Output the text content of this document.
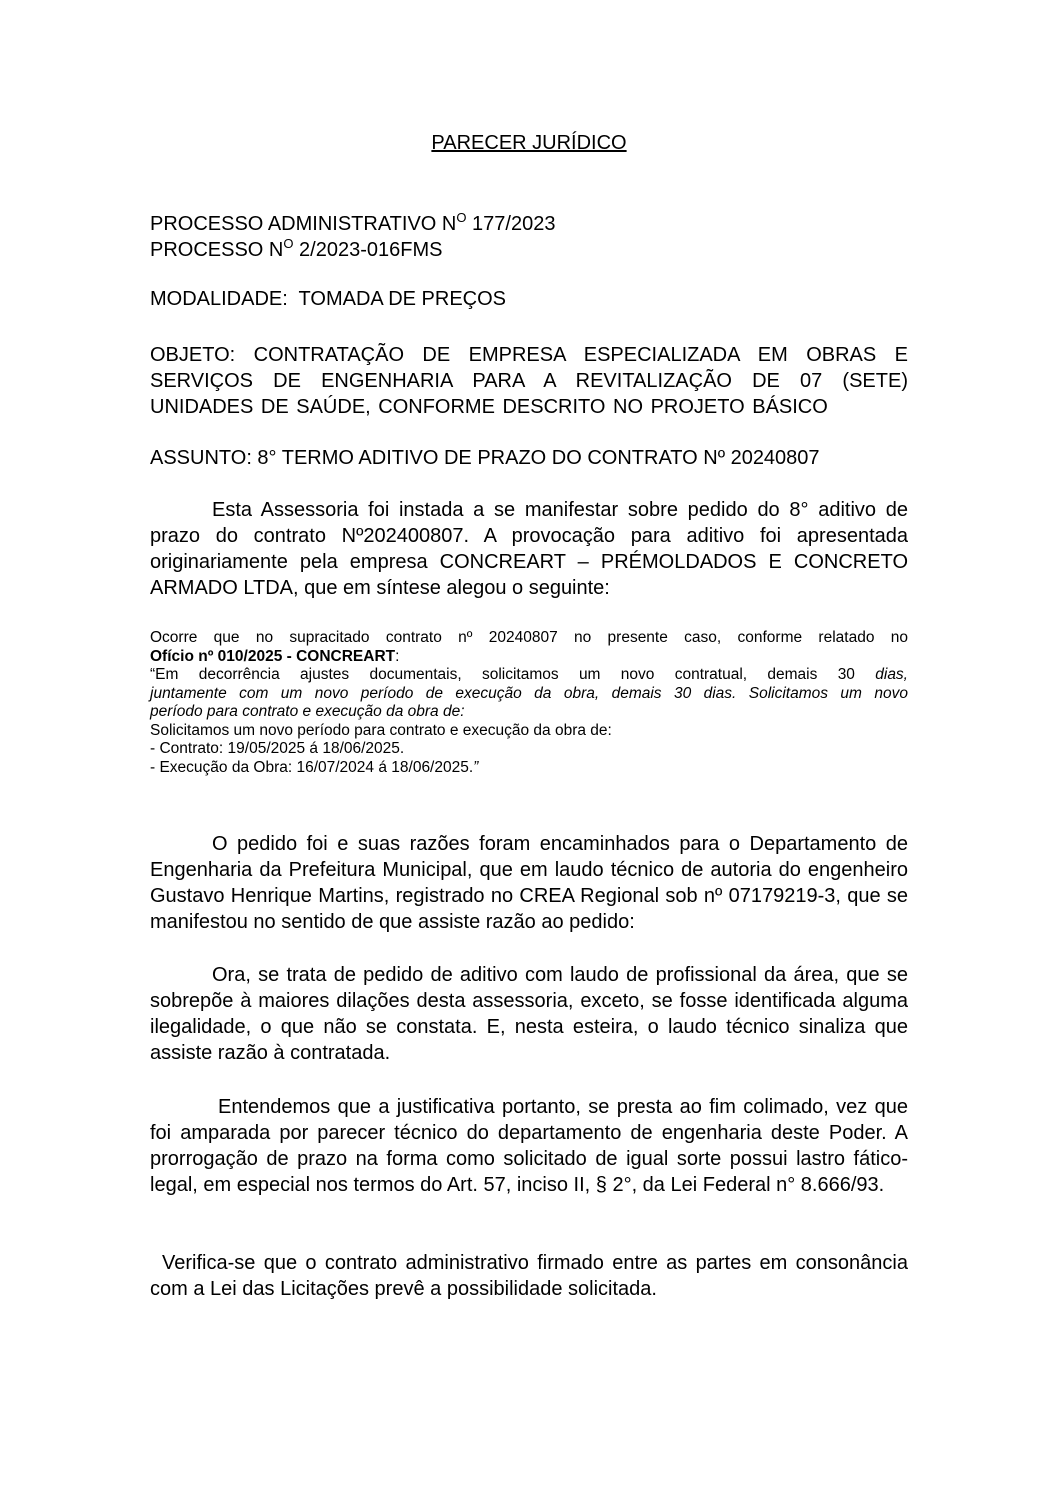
PARECER JURÍDICO
PROCESSO ADMINISTRATIVO $N^O$ 177/2023
PROCESSO $N^O$ 2/2023-016FMS
MODALIDADE:  TOMADA DE PREÇOS
OBJETO: CONTRATAÇÃO DE EMPRESA ESPECIALIZADA EM OBRAS E SERVIÇOS DE ENGENHARIA PARA A REVITALIZAÇÃO DE 07 (SETE) UNIDADES DE SAÚDE, CONFORME DESCRITO NO PROJETO BÁSICO
ASSUNTO: 8° TERMO ADITIVO DE PRAZO DO CONTRATO Nº 20240807
Esta Assessoria foi instada a se manifestar sobre pedido do 8° aditivo de prazo do contrato Nº202400807. A provocação para aditivo foi apresentada originariamente pela empresa CONCREART – PRÉMOLDADOS E CONCRETO ARMADO LTDA, que em síntese alegou o seguinte:
Ocorre que no supracitado contrato nº 20240807 no presente caso, conforme relatado no
Ofício nº 010/2025 - CONCREART:
“Em decorrência ajustes documentais, solicitamos um novo contratual, demais 30 dias,
juntamente com um novo período de execução da obra, demais 30 dias. Solicitamos um novo
período para contrato e execução da obra de:
Solicitamos um novo período para contrato e execução da obra de:
- Contrato: 19/05/2025 á 18/06/2025.
- Execução da Obra: 16/07/2024 á 18/06/2025.”
O pedido foi e suas razões foram encaminhados para o Departamento de Engenharia da Prefeitura Municipal, que em laudo técnico de autoria do engenheiro Gustavo Henrique Martins, registrado no CREA Regional sob nº 07179219-3, que se manifestou no sentido de que assiste razão ao pedido:
Ora, se trata de pedido de aditivo com laudo de profissional da área, que se sobrepõe à maiores dilações desta assessoria, exceto, se fosse identificada alguma ilegalidade, o que não se constata. E, nesta esteira, o laudo técnico sinaliza que assiste razão à contratada.
Entendemos que a justificativa portanto, se presta ao fim colimado, vez que foi amparada por parecer técnico do departamento de engenharia deste Poder. A prorrogação de prazo na forma como solicitado de igual sorte possui lastro fático-legal, em especial nos termos do Art. 57, inciso II, § 2°, da Lei Federal n° 8.666/93.
Verifica-se que o contrato administrativo firmado entre as partes em consonância com a Lei das Licitações prevê a possibilidade solicitada.
